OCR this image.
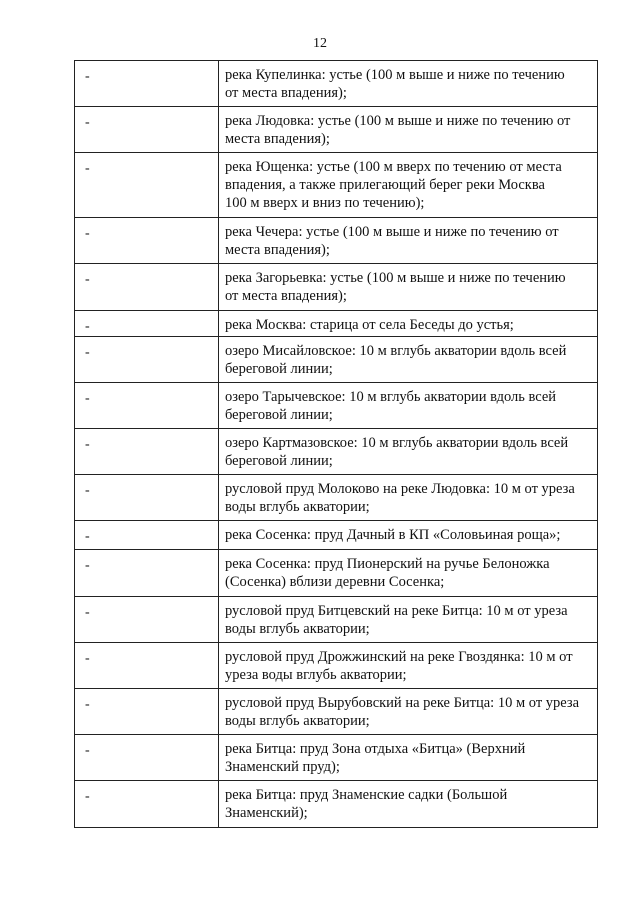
12
-	река Купелинка: устье (100 м выше и ниже по течению
от места впадения);

-	река Людовка: устье (100 м выше и ниже по течению от
места впадения);

-	река Ющенка: устье (100 м вверх по течению от места
впадения, а также прилегающий берег реки Москва
100 м вверх и вниз по течению);

-	река Чечера: устье (100 м выше и ниже по течению от
места впадения);

-	река Загорьевка: устье (100 м выше и ниже по течению
от места впадения);

-	река Москва: старица от села Беседы до устья;

-	озеро Мисайловское: 10 м вглубь акватории вдоль всей
береговой линии;

-	озеро Тарычевское: 10 м вглубь акватории вдоль всей
береговой линии;

-	озеро Картмазовское: 10 м вглубь акватории вдоль всей
береговой линии;

-	русловой пруд Молоково на реке Людовка: 10 м от уреза
воды вглубь акватории;

-	река Сосенка: пруд Дачный в КП «Соловьиная роща»;

-	река Сосенка: пруд Пионерский на ручье Белоножка
(Сосенка) вблизи деревни Сосенка;

-	русловой пруд Битцевский на реке Битца: 10 м от уреза
воды вглубь акватории;

-	русловой пруд Дрожжинский на реке Гвоздянка: 10 м от
уреза воды вглубь акватории;

-	русловой пруд Вырубовский на реке Битца: 10 м от уреза
воды вглубь акватории;

-	река Битца: пруд Зона отдыха «Битца» (Верхний
Знаменский пруд);

-	река Битца: пруд Знаменские садки (Большой
Знаменский);
